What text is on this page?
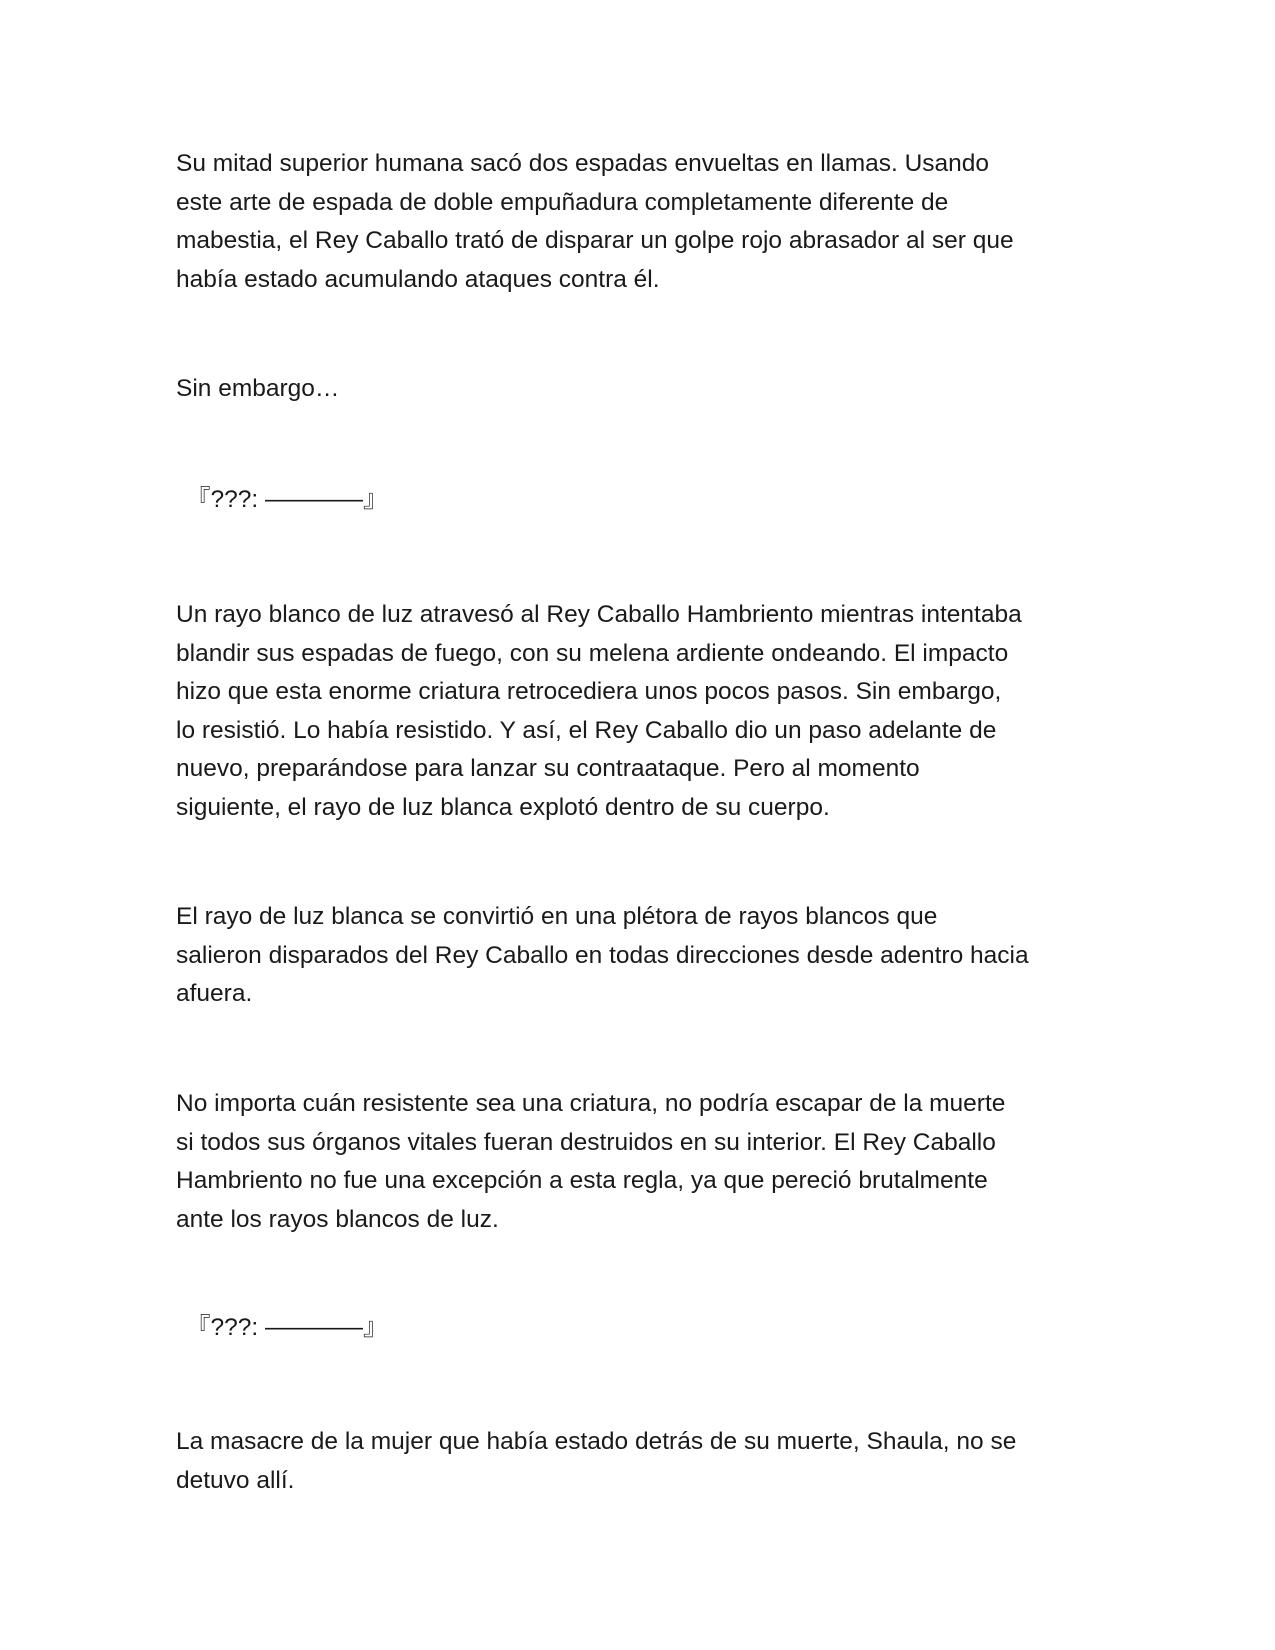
Su mitad superior humana sacó dos espadas envueltas en llamas. Usando
este arte de espada de doble empuñadura completamente diferente de
mabestia, el Rey Caballo trató de disparar un golpe rojo abrasador al ser que
había estado acumulando ataques contra él.

Sin embargo…

『???: ————』

Un rayo blanco de luz atravesó al Rey Caballo Hambriento mientras intentaba
blandir sus espadas de fuego, con su melena ardiente ondeando. El impacto
hizo que esta enorme criatura retrocediera unos pocos pasos. Sin embargo,
lo resistió. Lo había resistido. Y así, el Rey Caballo dio un paso adelante de
nuevo, preparándose para lanzar su contraataque. Pero al momento
siguiente, el rayo de luz blanca explotó dentro de su cuerpo.

El rayo de luz blanca se convirtió en una plétora de rayos blancos que
salieron disparados del Rey Caballo en todas direcciones desde adentro hacia
afuera.

No importa cuán resistente sea una criatura, no podría escapar de la muerte
si todos sus órganos vitales fueran destruidos en su interior. El Rey Caballo
Hambriento no fue una excepción a esta regla, ya que pereció brutalmente
ante los rayos blancos de luz.

『???: ————』

La masacre de la mujer que había estado detrás de su muerte, Shaula, no se
detuvo allí.
